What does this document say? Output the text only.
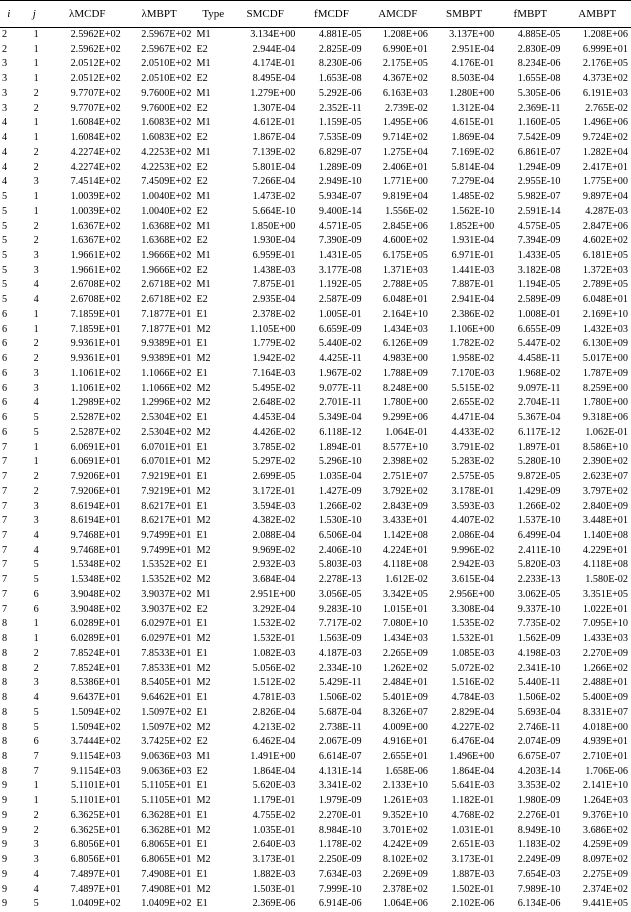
i	j	λMCDF	λMBPT	Type	SMCDF	fMCDF	AMCDF	SMBPT	fMBPT	AMBPT
2	1	2.5962E+02	2.5967E+02	M1	3.134E+00	4.881E-05	1.208E+06	3.137E+00	4.885E-05	1.208E+06
2	1	2.5962E+02	2.5967E+02	E2	2.944E-04	2.825E-09	6.990E+01	2.951E-04	2.830E-09	6.999E+01
3	1	2.0512E+02	2.0510E+02	M1	4.174E-01	8.230E-06	2.175E+05	4.176E-01	8.234E-06	2.176E+05
3	1	2.0512E+02	2.0510E+02	E2	8.495E-04	1.653E-08	4.367E+02	8.503E-04	1.655E-08	4.373E+02
3	2	9.7707E+02	9.7600E+02	M1	1.279E+00	5.292E-06	6.163E+03	1.280E+00	5.305E-06	6.191E+03
3	2	9.7707E+02	9.7600E+02	E2	1.307E-04	2.352E-11	2.739E-02	1.312E-04	2.369E-11	2.765E-02
4	1	1.6084E+02	1.6083E+02	M1	4.612E-01	1.159E-05	1.495E+06	4.615E-01	1.160E-05	1.496E+06
4	1	1.6084E+02	1.6083E+02	E2	1.867E-04	7.535E-09	9.714E+02	1.869E-04	7.542E-09	9.724E+02
4	2	4.2274E+02	4.2253E+02	M1	7.139E-02	6.829E-07	1.275E+04	7.169E-02	6.861E-07	1.282E+04
4	2	4.2274E+02	4.2253E+02	E2	5.801E-04	1.289E-09	2.406E+01	5.814E-04	1.294E-09	2.417E+01
4	3	7.4514E+02	7.4509E+02	E2	7.266E-04	2.949E-10	1.771E+00	7.279E-04	2.955E-10	1.775E+00
5	1	1.0039E+02	1.0040E+02	M1	1.473E-02	5.934E-07	9.819E+04	1.485E-02	5.982E-07	9.897E+04
5	1	1.0039E+02	1.0040E+02	E2	5.664E-10	9.400E-14	1.556E-02	1.562E-10	2.591E-14	4.287E-03
5	2	1.6367E+02	1.6368E+02	M1	1.850E+00	4.571E-05	2.845E+06	1.852E+00	4.575E-05	2.847E+06
5	2	1.6367E+02	1.6368E+02	E2	1.930E-04	7.390E-09	4.600E+02	1.931E-04	7.394E-09	4.602E+02
5	3	1.9661E+02	1.9666E+02	M1	6.959E-01	1.431E-05	6.175E+05	6.971E-01	1.433E-05	6.181E+05
5	3	1.9661E+02	1.9666E+02	E2	1.438E-03	3.177E-08	1.371E+03	1.441E-03	3.182E-08	1.372E+03
5	4	2.6708E+02	2.6718E+02	M1	7.875E-01	1.192E-05	2.788E+05	7.887E-01	1.194E-05	2.789E+05
5	4	2.6708E+02	2.6718E+02	E2	2.935E-04	2.587E-09	6.048E+01	2.941E-04	2.589E-09	6.048E+01
6	1	7.1859E+01	7.1877E+01	E1	2.378E-02	1.005E-01	2.164E+10	2.386E-02	1.008E-01	2.169E+10
6	1	7.1859E+01	7.1877E+01	M2	1.105E+00	6.659E-09	1.434E+03	1.106E+00	6.655E-09	1.432E+03
6	2	9.9361E+01	9.9389E+01	E1	1.779E-02	5.440E-02	6.126E+09	1.782E-02	5.447E-02	6.130E+09
6	2	9.9361E+01	9.9389E+01	M2	1.942E-02	4.425E-11	4.983E+00	1.958E-02	4.458E-11	5.017E+00
6	3	1.1061E+02	1.1066E+02	E1	7.164E-03	1.967E-02	1.788E+09	7.170E-03	1.968E-02	1.787E+09
6	3	1.1061E+02	1.1066E+02	M2	5.495E-02	9.077E-11	8.248E+00	5.515E-02	9.097E-11	8.259E+00
6	4	1.2989E+02	1.2996E+02	M2	2.648E-02	2.701E-11	1.780E+00	2.655E-02	2.704E-11	1.780E+00
6	5	2.5287E+02	2.5304E+02	E1	4.453E-04	5.349E-04	9.299E+06	4.471E-04	5.367E-04	9.318E+06
6	5	2.5287E+02	2.5304E+02	M2	4.426E-02	6.118E-12	1.064E-01	4.433E-02	6.117E-12	1.062E-01
7	1	6.0691E+01	6.0701E+01	E1	3.785E-02	1.894E-01	8.577E+10	3.791E-02	1.897E-01	8.586E+10
7	1	6.0691E+01	6.0701E+01	M2	5.297E-02	5.296E-10	2.398E+02	5.283E-02	5.280E-10	2.390E+02
7	2	7.9206E+01	7.9219E+01	E1	2.699E-05	1.035E-04	2.751E+07	2.575E-05	9.872E-05	2.623E+07
7	2	7.9206E+01	7.9219E+01	M2	3.172E-01	1.427E-09	3.792E+02	3.178E-01	1.429E-09	3.797E+02
7	3	8.6194E+01	8.6217E+01	E1	3.594E-03	1.266E-02	2.843E+09	3.593E-03	1.266E-02	2.840E+09
7	3	8.6194E+01	8.6217E+01	M2	4.382E-02	1.530E-10	3.433E+01	4.407E-02	1.537E-10	3.448E+01
7	4	9.7468E+01	9.7499E+01	E1	2.088E-04	6.506E-04	1.142E+08	2.086E-04	6.499E-04	1.140E+08
7	4	9.7468E+01	9.7499E+01	M2	9.969E-02	2.406E-10	4.224E+01	9.996E-02	2.411E-10	4.229E+01
7	5	1.5348E+02	1.5352E+02	E1	2.932E-03	5.803E-03	4.118E+08	2.942E-03	5.820E-03	4.118E+08
7	5	1.5348E+02	1.5352E+02	M2	3.684E-04	2.278E-13	1.612E-02	3.615E-04	2.233E-13	1.580E-02
7	6	3.9048E+02	3.9037E+02	M1	2.951E+00	3.056E-05	3.342E+05	2.956E+00	3.062E-05	3.351E+05
7	6	3.9048E+02	3.9037E+02	E2	3.292E-04	9.283E-10	1.015E+01	3.308E-04	9.337E-10	1.022E+01
8	1	6.0289E+01	6.0297E+01	E1	1.532E-02	7.717E-02	7.080E+10	1.535E-02	7.735E-02	7.095E+10
8	1	6.0289E+01	6.0297E+01	M2	1.532E-01	1.563E-09	1.434E+03	1.532E-01	1.562E-09	1.433E+03
8	2	7.8524E+01	7.8533E+01	E1	1.082E-03	4.187E-03	2.265E+09	1.085E-03	4.198E-03	2.270E+09
8	2	7.8524E+01	7.8533E+01	M2	5.056E-02	2.334E-10	1.262E+02	5.072E-02	2.341E-10	1.266E+02
8	3	8.5386E+01	8.5405E+01	M2	1.512E-02	5.429E-11	2.484E+01	1.516E-02	5.440E-11	2.488E+01
8	4	9.6437E+01	9.6462E+01	E1	4.781E-03	1.506E-02	5.401E+09	4.784E-03	1.506E-02	5.400E+09
8	5	1.5094E+02	1.5097E+02	E1	2.826E-04	5.687E-04	8.326E+07	2.829E-04	5.693E-04	8.331E+07
8	5	1.5094E+02	1.5097E+02	M2	4.213E-02	2.738E-11	4.009E+00	4.227E-02	2.746E-11	4.018E+00
8	6	3.7444E+02	3.7425E+02	E2	6.462E-04	2.067E-09	4.916E+01	6.476E-04	2.074E-09	4.939E+01
8	7	9.1154E+03	9.0636E+03	M1	1.491E+00	6.614E-07	2.655E+01	1.496E+00	6.675E-07	2.710E+01
8	7	9.1154E+03	9.0636E+03	E2	1.864E-04	4.131E-14	1.658E-06	1.864E-04	4.203E-14	1.706E-06
9	1	5.1101E+01	5.1105E+01	E1	5.620E-03	3.341E-02	2.133E+10	5.641E-03	3.353E-02	2.141E+10
9	1	5.1101E+01	5.1105E+01	M2	1.179E-01	1.979E-09	1.261E+03	1.182E-01	1.980E-09	1.264E+03
9	2	6.3625E+01	6.3628E+01	E1	4.755E-02	2.270E-01	9.352E+10	4.768E-02	2.276E-01	9.376E+10
9	2	6.3625E+01	6.3628E+01	M2	1.035E-01	8.984E-10	3.701E+02	1.031E-01	8.949E-10	3.686E+02
9	3	6.8056E+01	6.8065E+01	E1	2.640E-03	1.178E-02	4.242E+09	2.651E-03	1.183E-02	4.259E+09
9	3	6.8056E+01	6.8065E+01	M2	3.173E-01	2.250E-09	8.102E+02	3.173E-01	2.249E-09	8.097E+02
9	4	7.4897E+01	7.4908E+01	E1	1.882E-03	7.634E-03	2.269E+09	1.887E-03	7.654E-03	2.275E+09
9	4	7.4897E+01	7.4908E+01	M2	1.503E-01	7.999E-10	2.378E+02	1.502E-01	7.989E-10	2.374E+02
9	5	1.0409E+02	1.0409E+02	E1	2.369E-06	6.914E-06	1.064E+06	2.102E-06	6.134E-06	9.441E+05
